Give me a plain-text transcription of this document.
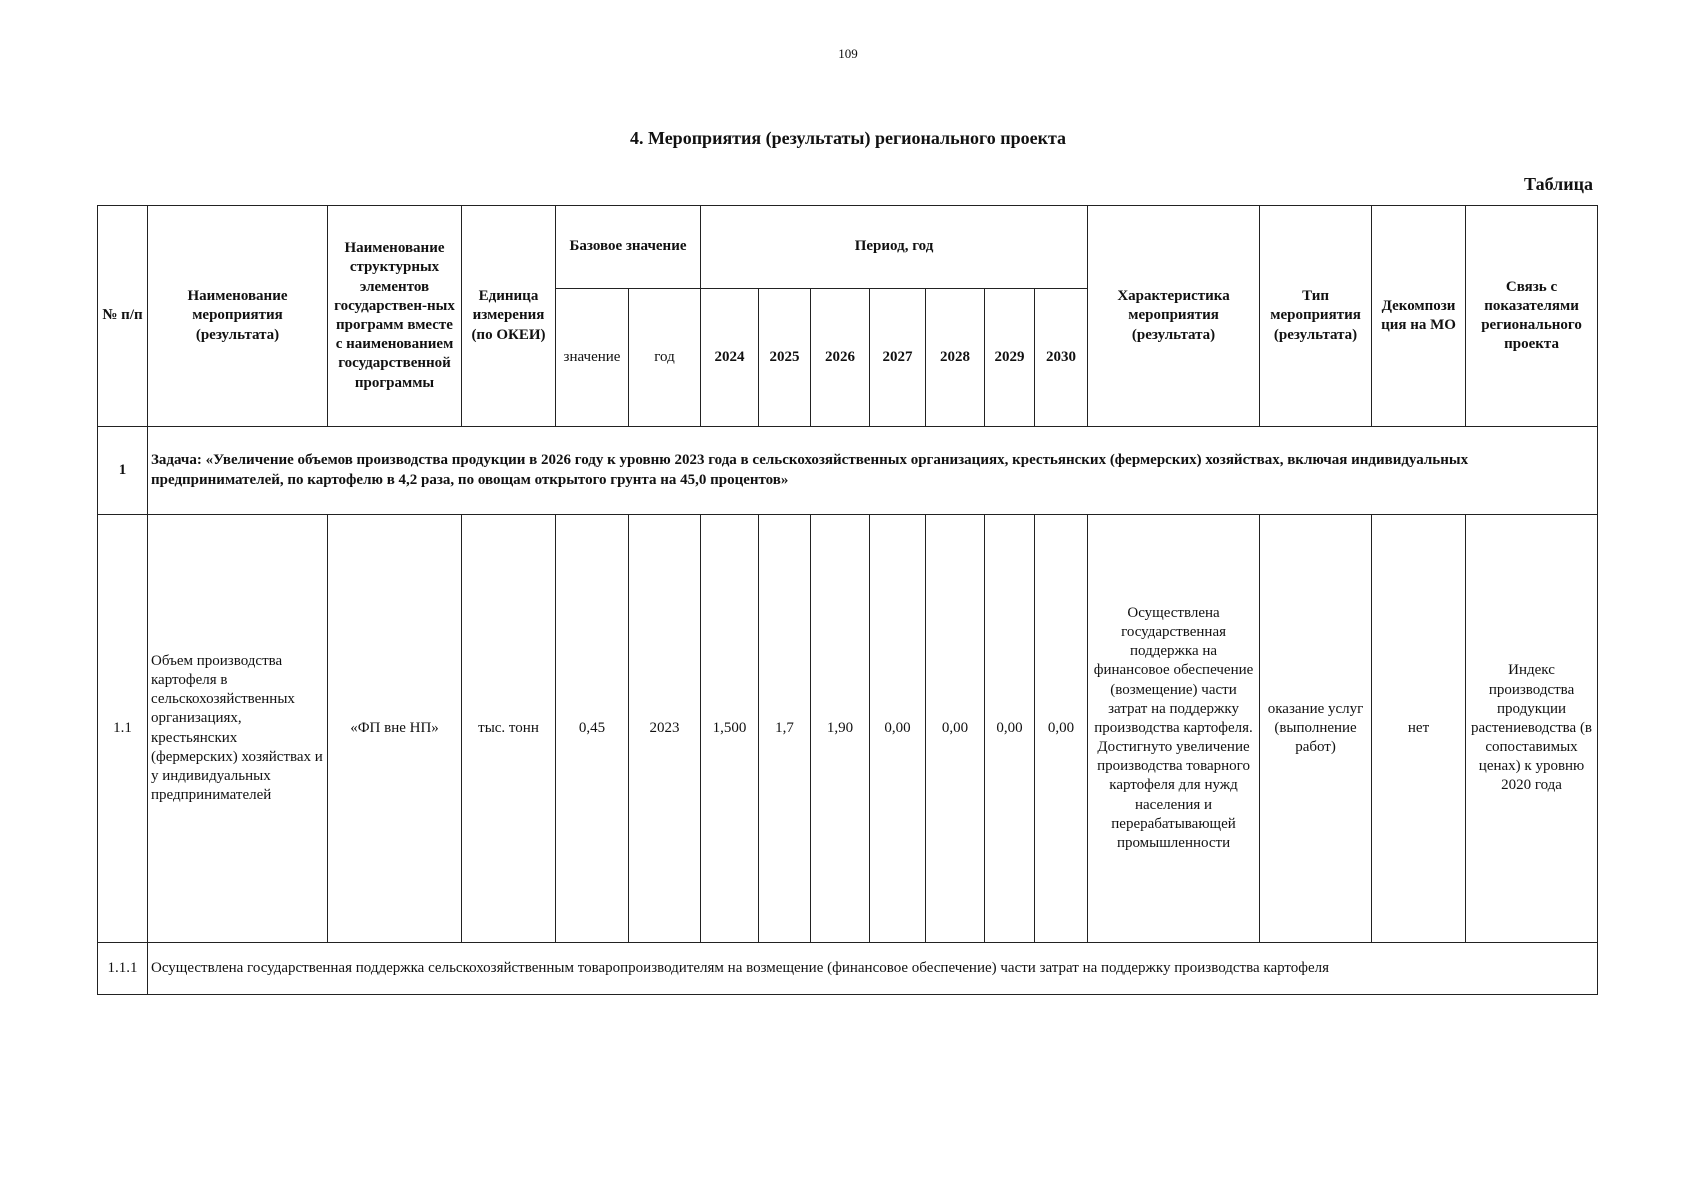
109
4. Мероприятия (результаты) регионального проекта
Таблица
№ п/п	Наименование мероприятия (результата)	Наименование структурных элементов государствен-ных программ вместе с наименованием государственной программы	Единица измерения (по ОКЕИ)	Базовое значение		Период, год							Характеристика мероприятия (результата)	Тип мероприятия (результата)	Декомпози ция на МО	Связь с показателями регионального проекта
				значение	год	2024	2025	2026	2027	2028	2029	2030				
1	Задача: «Увеличение объемов производства продукции в 2026 году к уровню 2023 года в сельскохозяйственных организациях, крестьянских (фермерских) хозяйствах, включая индивидуальных предпринимателей, по картофелю в 4,2 раза, по овощам открытого грунта на 45,0 процентов»															
1.1	Объем производства картофеля в сельскохозяйственных организациях, крестьянских (фермерских) хозяйствах и у индивидуальных предпринимателей	«ФП вне НП»	тыс. тонн	0,45	2023	1,500	1,7	1,90	0,00	0,00	0,00	0,00	Осуществлена государственная поддержка на финансовое обеспечение (возмещение) части затрат на поддержку производства картофеля. Достигнуто увеличение производства товарного картофеля для нужд населения и перерабатывающей промышленности	оказание услуг (выполнение работ)	нет	Индекс производства продукции растениеводства (в сопоставимых ценах) к уровню 2020 года
1.1.1	Осуществлена государственная поддержка сельскохозяйственным товаропроизводителям на возмещение (финансовое обеспечение) части затрат на поддержку производства картофеля															
